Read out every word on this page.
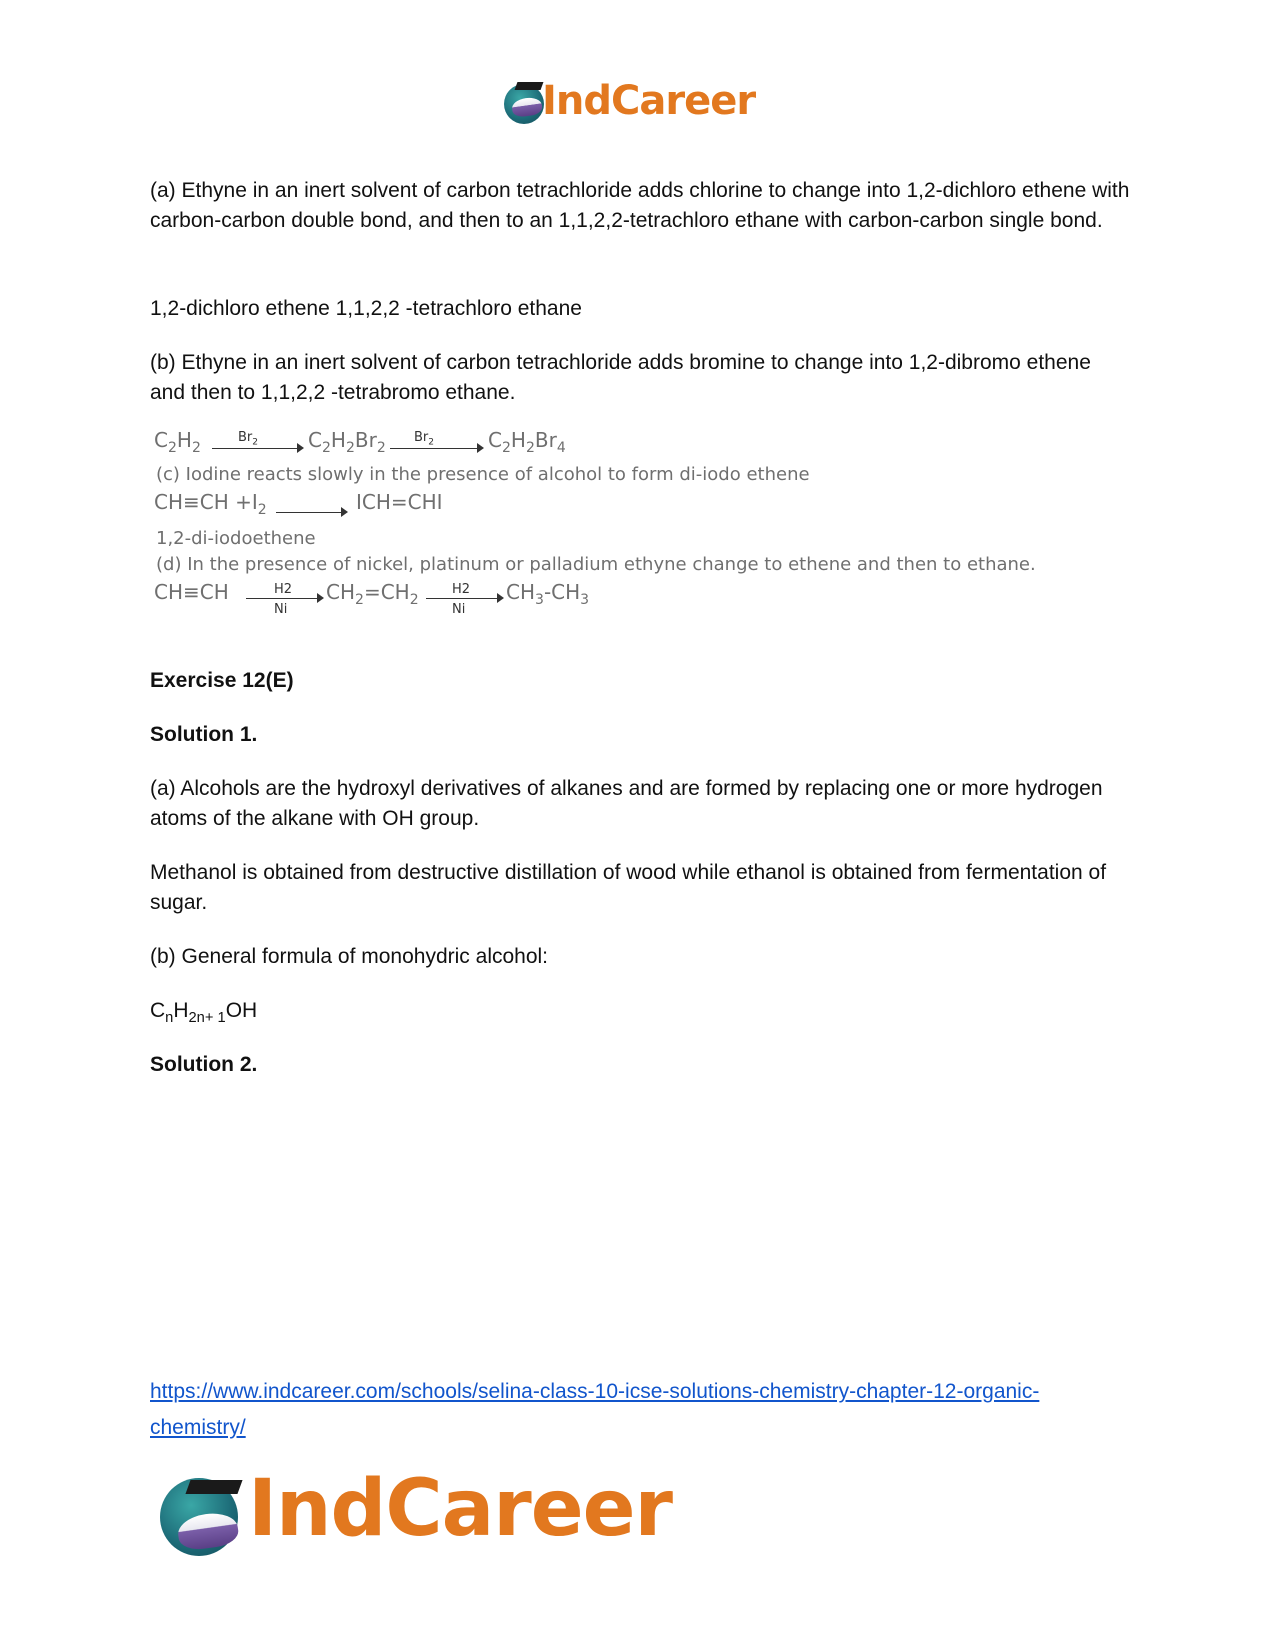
IndCareer

(a) Ethyne in an inert solvent of carbon tetrachloride adds chlorine to change into 1,2-dichloro ethene with carbon-carbon double bond, and then to an 1,1,2,2-tetrachloro ethane with carbon-carbon single bond.

1,2-dichloro ethene 1,1,2,2 -tetrachloro ethane

(b) Ethyne in an inert solvent of carbon tetrachloride adds bromine to change into 1,2-dibromo ethene and then to 1,1,2,2 -tetrabromo ethane.

$C_2H_2$
$Br_2$ $C_2H_2Br_2$
$Br_2$	$C_2H_2Br_4$
(c) Iodine reacts slowly in the presence of alcohol to form di-iodo ethene
$CH\equiv CH +I_2$	ICH=CHI
1,2-di-iodoethene
(d) In the presence of nickel, platinum or palladium ethyne change to ethene and then to ethane.
CH≡CH	H2
Ni
$CH_2=CH_2$
H2
Ni
$CH_3-CH_3$

Exercise 12(E)

Solution 1.

(a) Alcohols are the hydroxyl derivatives of alkanes and are formed by replacing one or more hydrogen atoms of the alkane with OH group.

Methanol is obtained from destructive distillation of wood while ethanol is obtained from fermentation of sugar.

(b) General formula of monohydric alcohol:

$C_nH_{2n+ 1}OH$

Solution 2.

https://www.indcareer.com/schools/selina-class-10-icse-solutions-chemistry-chapter-12-organic-chemistry/
IndCareer
